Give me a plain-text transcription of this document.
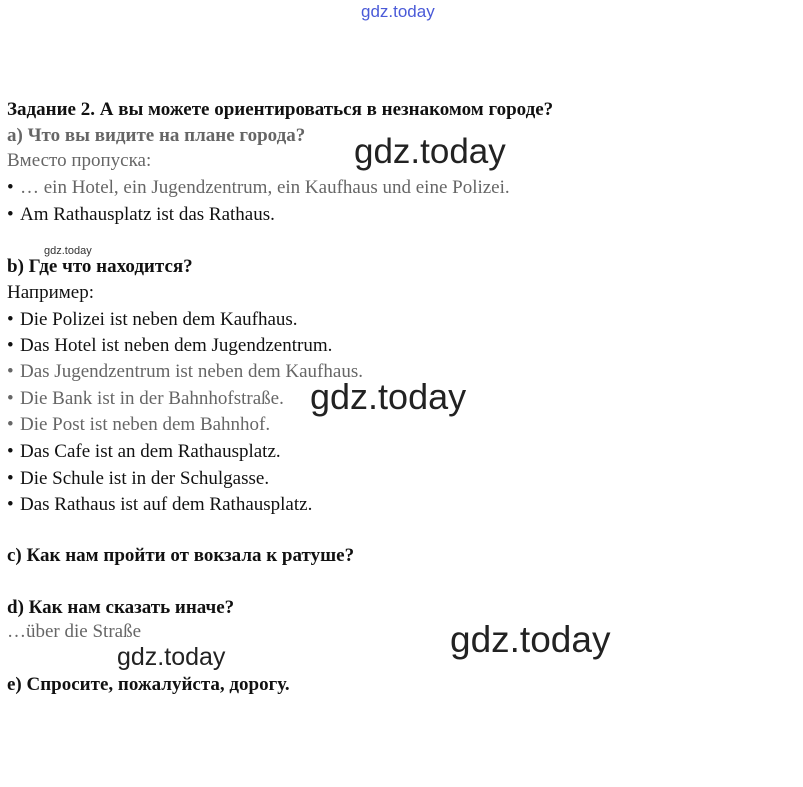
gdz.today
gdz.today
gdz.today
gdz.today
gdz.today
gdz.today
Задание 2. А вы можете ориентироваться в незнакомом городе?
a) Что вы видите на плане города?
Вместо пропуска:
• … ein Hotel, ein Jugendzentrum, ein Kaufhaus und eine Polizei.
• Am Rathausplatz ist das Rathaus.
b) Где что находится?
Например:
• Die Polizei ist neben dem Kaufhaus.
• Das Hotel ist neben dem Jugendzentrum.
• Das Jugendzentrum ist neben dem Kaufhaus.
• Die Bank ist in der Bahnhofstraße.
• Die Post ist neben dem Bahnhof.
• Das Cafe ist an dem Rathausplatz.
• Die Schule ist in der Schulgasse.
• Das Rathaus ist auf dem Rathausplatz.
c) Как нам пройти от вокзала к ратуше?
d) Как нам сказать иначе?
…über die Straße
e) Спросите, пожалуйста, дорогу.
